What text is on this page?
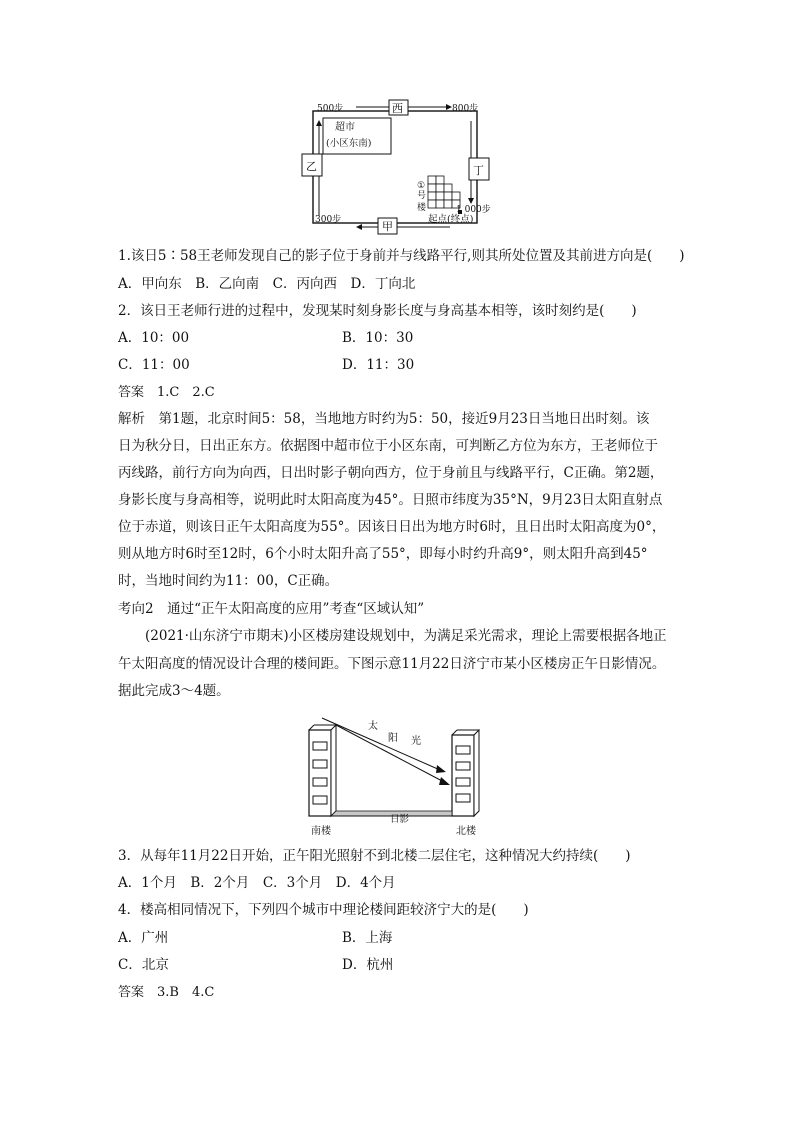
500步	西	800步
乙	丁
300步	甲
1 000步
起点(终点)
超市
(小区东南)
①
号
楼
1.该日5∶58王老师发现自己的影子位于身前并与线路平行,则其所处位置及其前进方向是(　　)
A．甲向东　B．乙向南　C．丙向西　D．丁向北
2．该日王老师行进的过程中，发现某时刻身影长度与身高基本相等，该时刻约是(　　)
A．10：00	B．10：30
C．11：00	D．11：30
答案　1.C　2.C
解析　第1题，北京时间5：58，当地地方时约为5：50，接近9月23日当地日出时刻。该
日为秋分日，日出正东方。依据图中超市位于小区东南，可判断乙方位为东方，王老师位于
丙线路，前行方向为向西，日出时影子朝向西方，位于身前且与线路平行，C正确。第2题，
身影长度与身高相等，说明此时太阳高度为45°。日照市纬度为35°N，9月23日太阳直射点
位于赤道，则该日正午太阳高度为55°。因该日日出为地方时6时，且日出时太阳高度为0°，
则从地方时6时至12时，6个小时太阳升高了55°，即每小时约升高9°，则太阳升高到45°
时，当地时间约为11：00，C正确。
考向2　通过“正午太阳高度的应用”考查“区域认知”
　　(2021·山东济宁市期末)小区楼房建设规划中，为满足采光需求，理论上需要根据各地正
午太阳高度的情况设计合理的楼间距。下图示意11月22日济宁市某小区楼房正午日影情况。
据此完成3～4题。
太
阳 光
日影
南楼	北楼
3．从每年11月22日开始，正午阳光照射不到北楼二层住宅，这种情况大约持续(　　)
A．1个月　B．2个月　C．3个月　D．4个月
4．楼高相同情况下，下列四个城市中理论楼间距较济宁大的是(　　)
A．广州	B．上海
C．北京	D．杭州
答案　3.B　4.C
